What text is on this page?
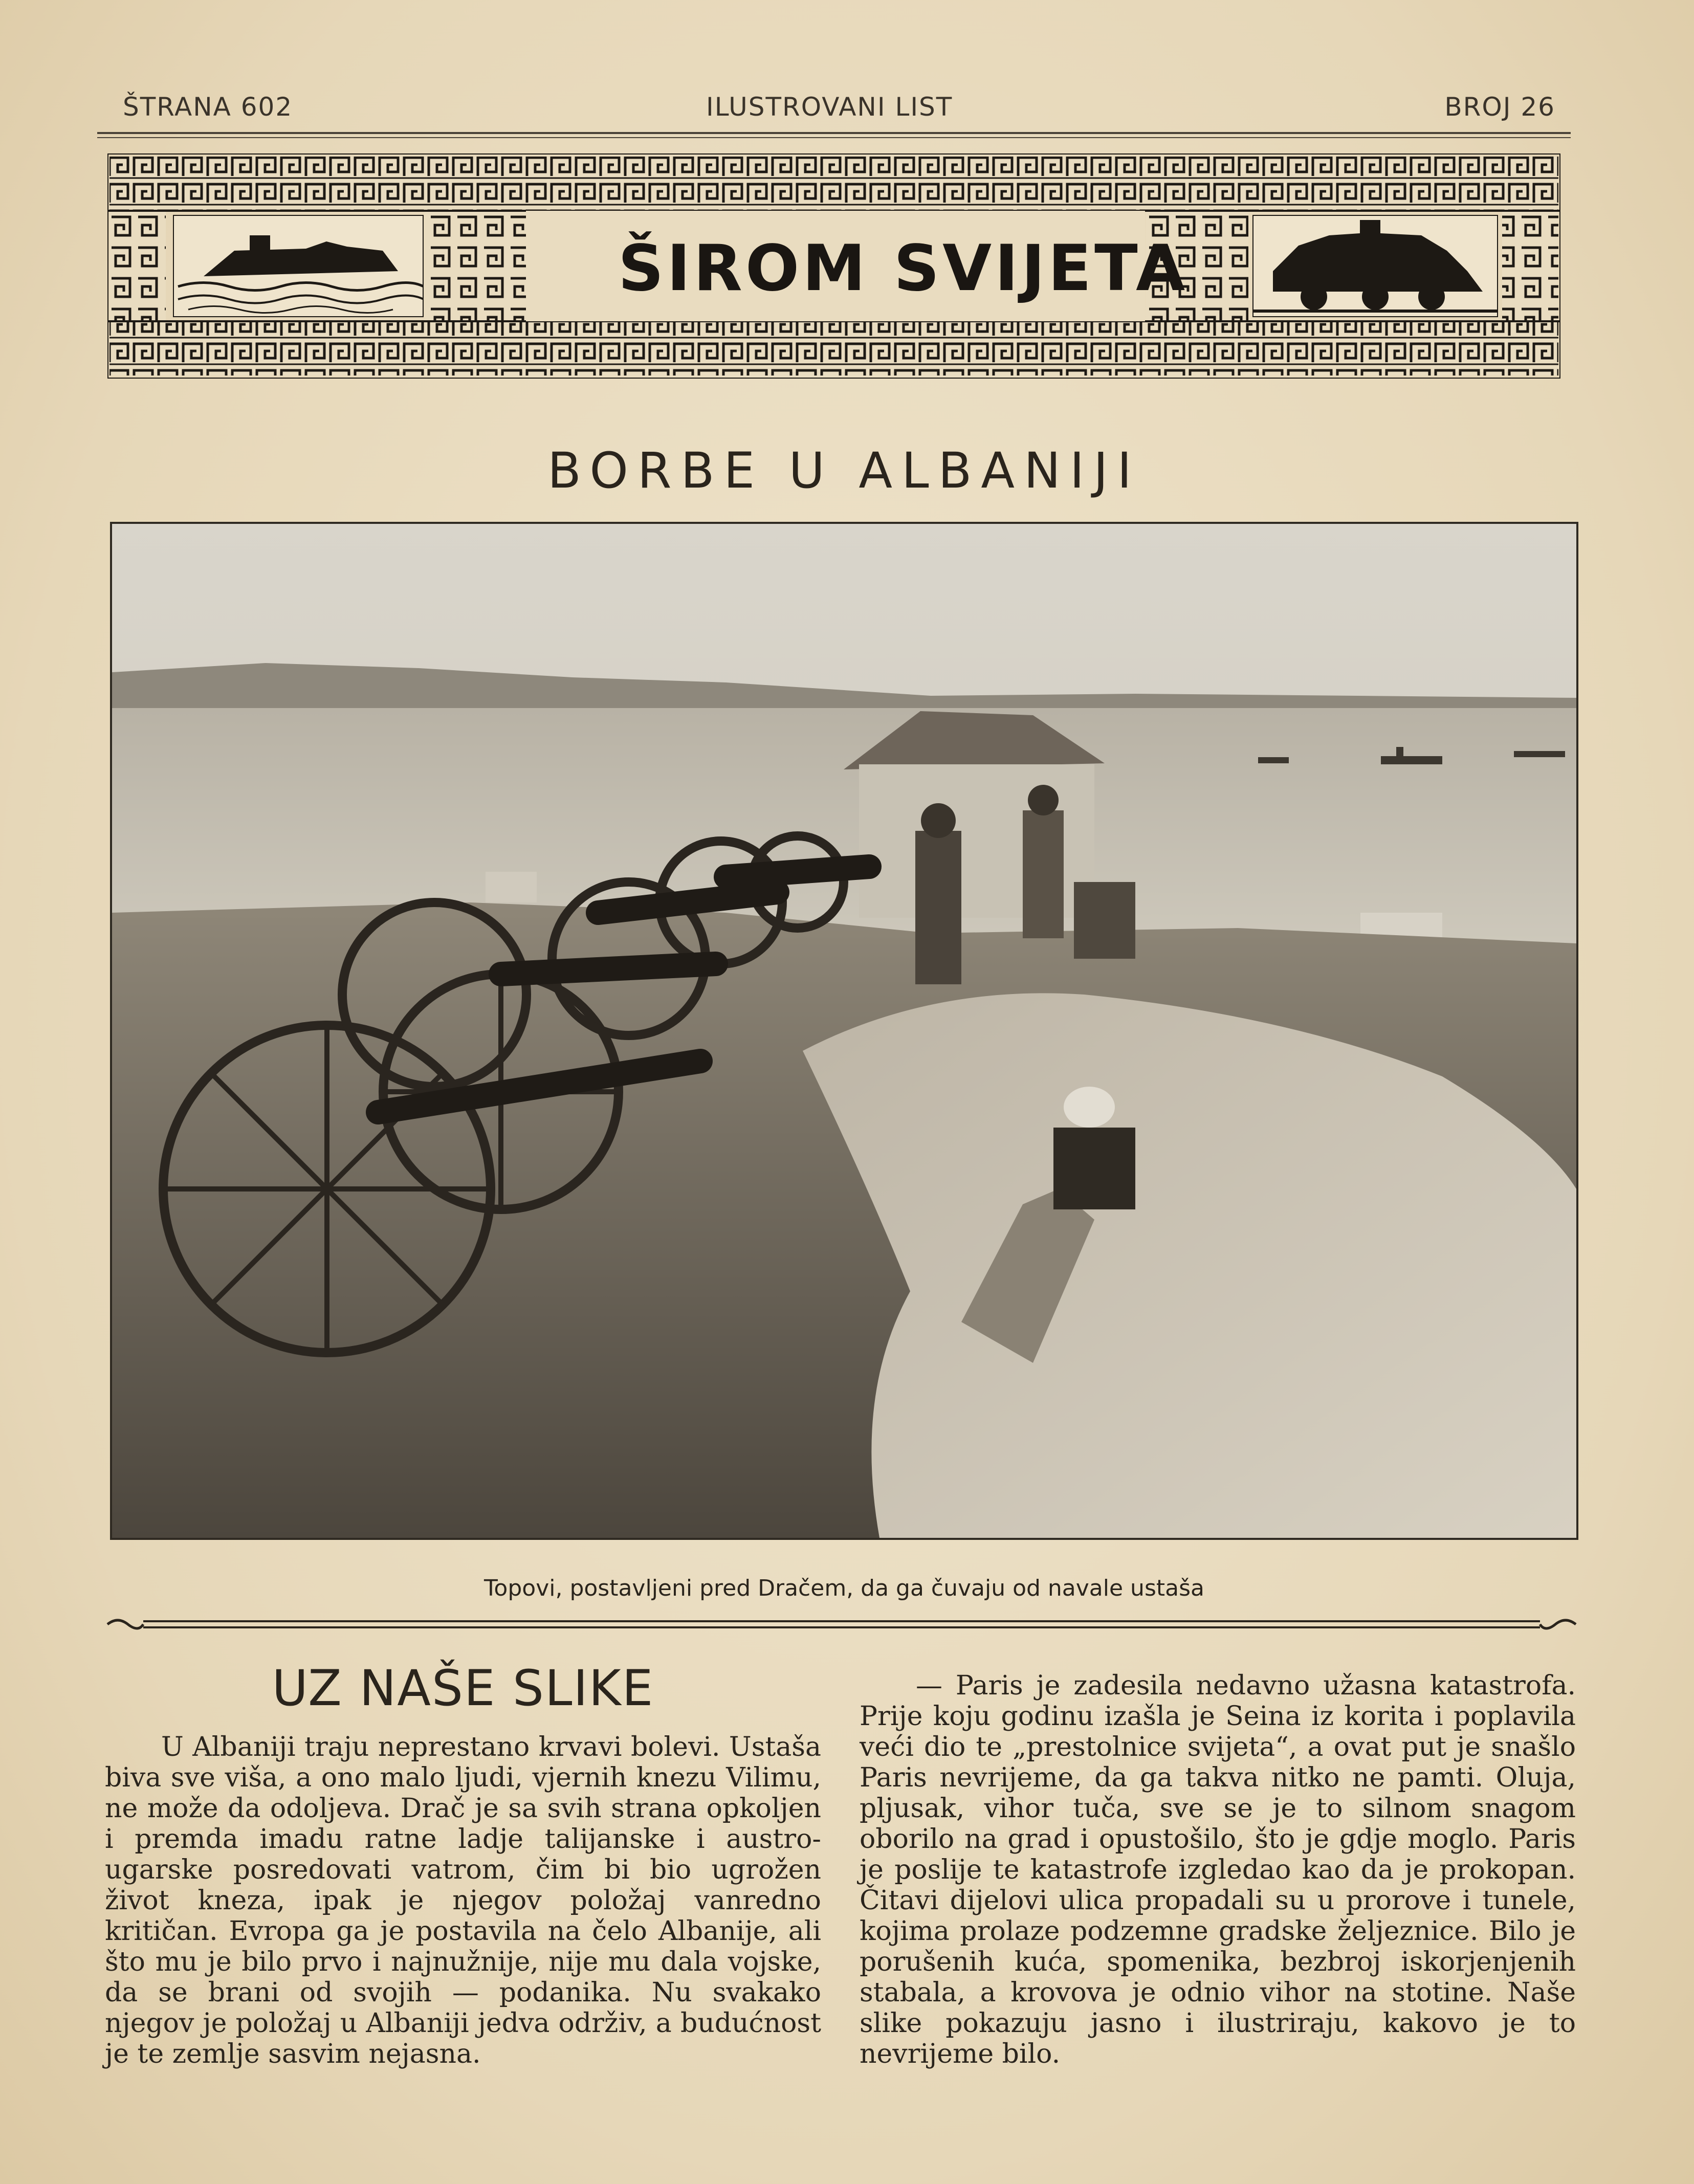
ŠTRANA 602	ILUSTROVANI LIST	BROJ 26
ŠIROM SVIJETA
BORBE U ALBANIJI
Topovi, postavljeni pred Dračem, da ga čuvaju od navale ustaša
UZ NAŠE SLIKE
U Albaniji traju neprestano krvavi bolevi. Ustaša biva sve viša, a ono malo ljudi, vjernih knezu Vilimu, ne može da odoljeva. Drač je sa svih strana opkoljen i premda imadu ratne ladje talijanske i austro-ugarske posredovati vatrom, čim bi bio ugrožen život kneza, ipak je njegov položaj vanredno kritičan. Evropa ga je postavila na čelo Albanije, ali što mu je bilo prvo i najnužnije, nije mu dala vojske, da se brani od svojih — podanika. Nu svakako njegov je položaj u Albaniji jedva održiv, a budućnost je te zemlje sasvim nejasna.
— Paris je zadesila nedavno užasna katastrofa. Prije koju godinu izašla je Seina iz korita i poplavila veći dio te „prestolnice svijeta“, a ovat put je snašlo Paris nevrijeme, da ga takva nitko ne pamti. Oluja, pljusak, vihor tuča, sve se je to silnom snagom oborilo na grad i opustošilo, što je gdje moglo. Paris je poslije te katastrofe izgledao kao da je prokopan. Čitavi dijelovi ulica propadali su u prorove i tunele, kojima prolaze podzemne gradske željeznice. Bilo je porušenih kuća, spomenika, bezbroj iskorjenjenih stabala, a krovova je odnio vihor na stotine. Naše slike pokazuju jasno i ilustriraju, kakovo je to nevrijeme bilo.
